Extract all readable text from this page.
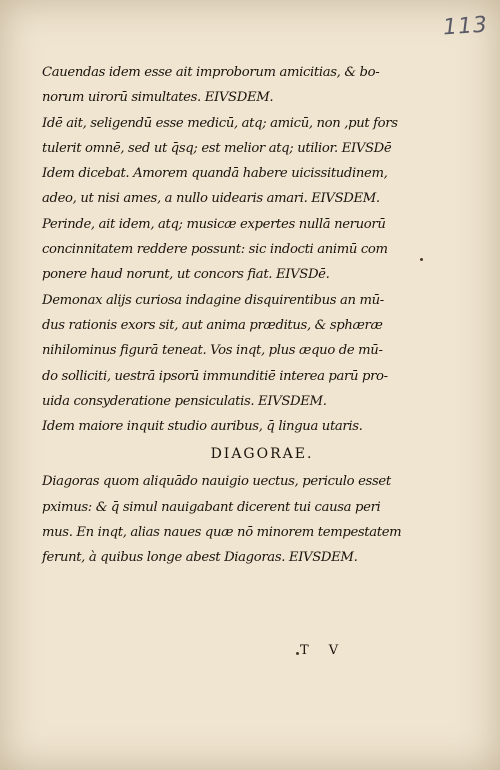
113
Cauendas idem esse ait improborum amicitias, & bo-
norum uirorū simultates. EIVSDEM.
Idē ait, seligendū esse medicū, atq; amicū, non ,put fors
tulerit omnē, sed ut q̄sq; est melior atq; utilior. EIVSDē
Idem dicebat. Amorem quandā habere uicissitudinem,
adeo, ut nisi ames, a nullo uidearis amari. EIVSDEM.
Perinde, ait idem, atq; musicæ expertes nullā neruorū
concinnitatem reddere possunt: sic indocti animū com
ponere haud norunt, ut concors fiat. EIVSDē.
Demonax alijs curiosa indagine disquirentibus an mū-
dus rationis exors sit, aut anima præditus, & sphæræ
nihilominus figurā teneat. Vos inqt, plus æquo de mū-
do solliciti, uestrā ipsorū immunditiē interea parū pro-
uida consyderatione pensiculatis. EIVSDEM.
Idem maiore inquit studio auribus, q̄ lingua utaris.
DIAGORAE.
Diagoras quom aliquādo nauigio uectus, periculo esset
pximus: & q̄ simul nauigabant dicerent tui causa peri
mus. En inqt, alias naues quæ nō minorem tempestatem
ferunt, à quibus longe abest Diagoras. EIVSDEM.
T V
